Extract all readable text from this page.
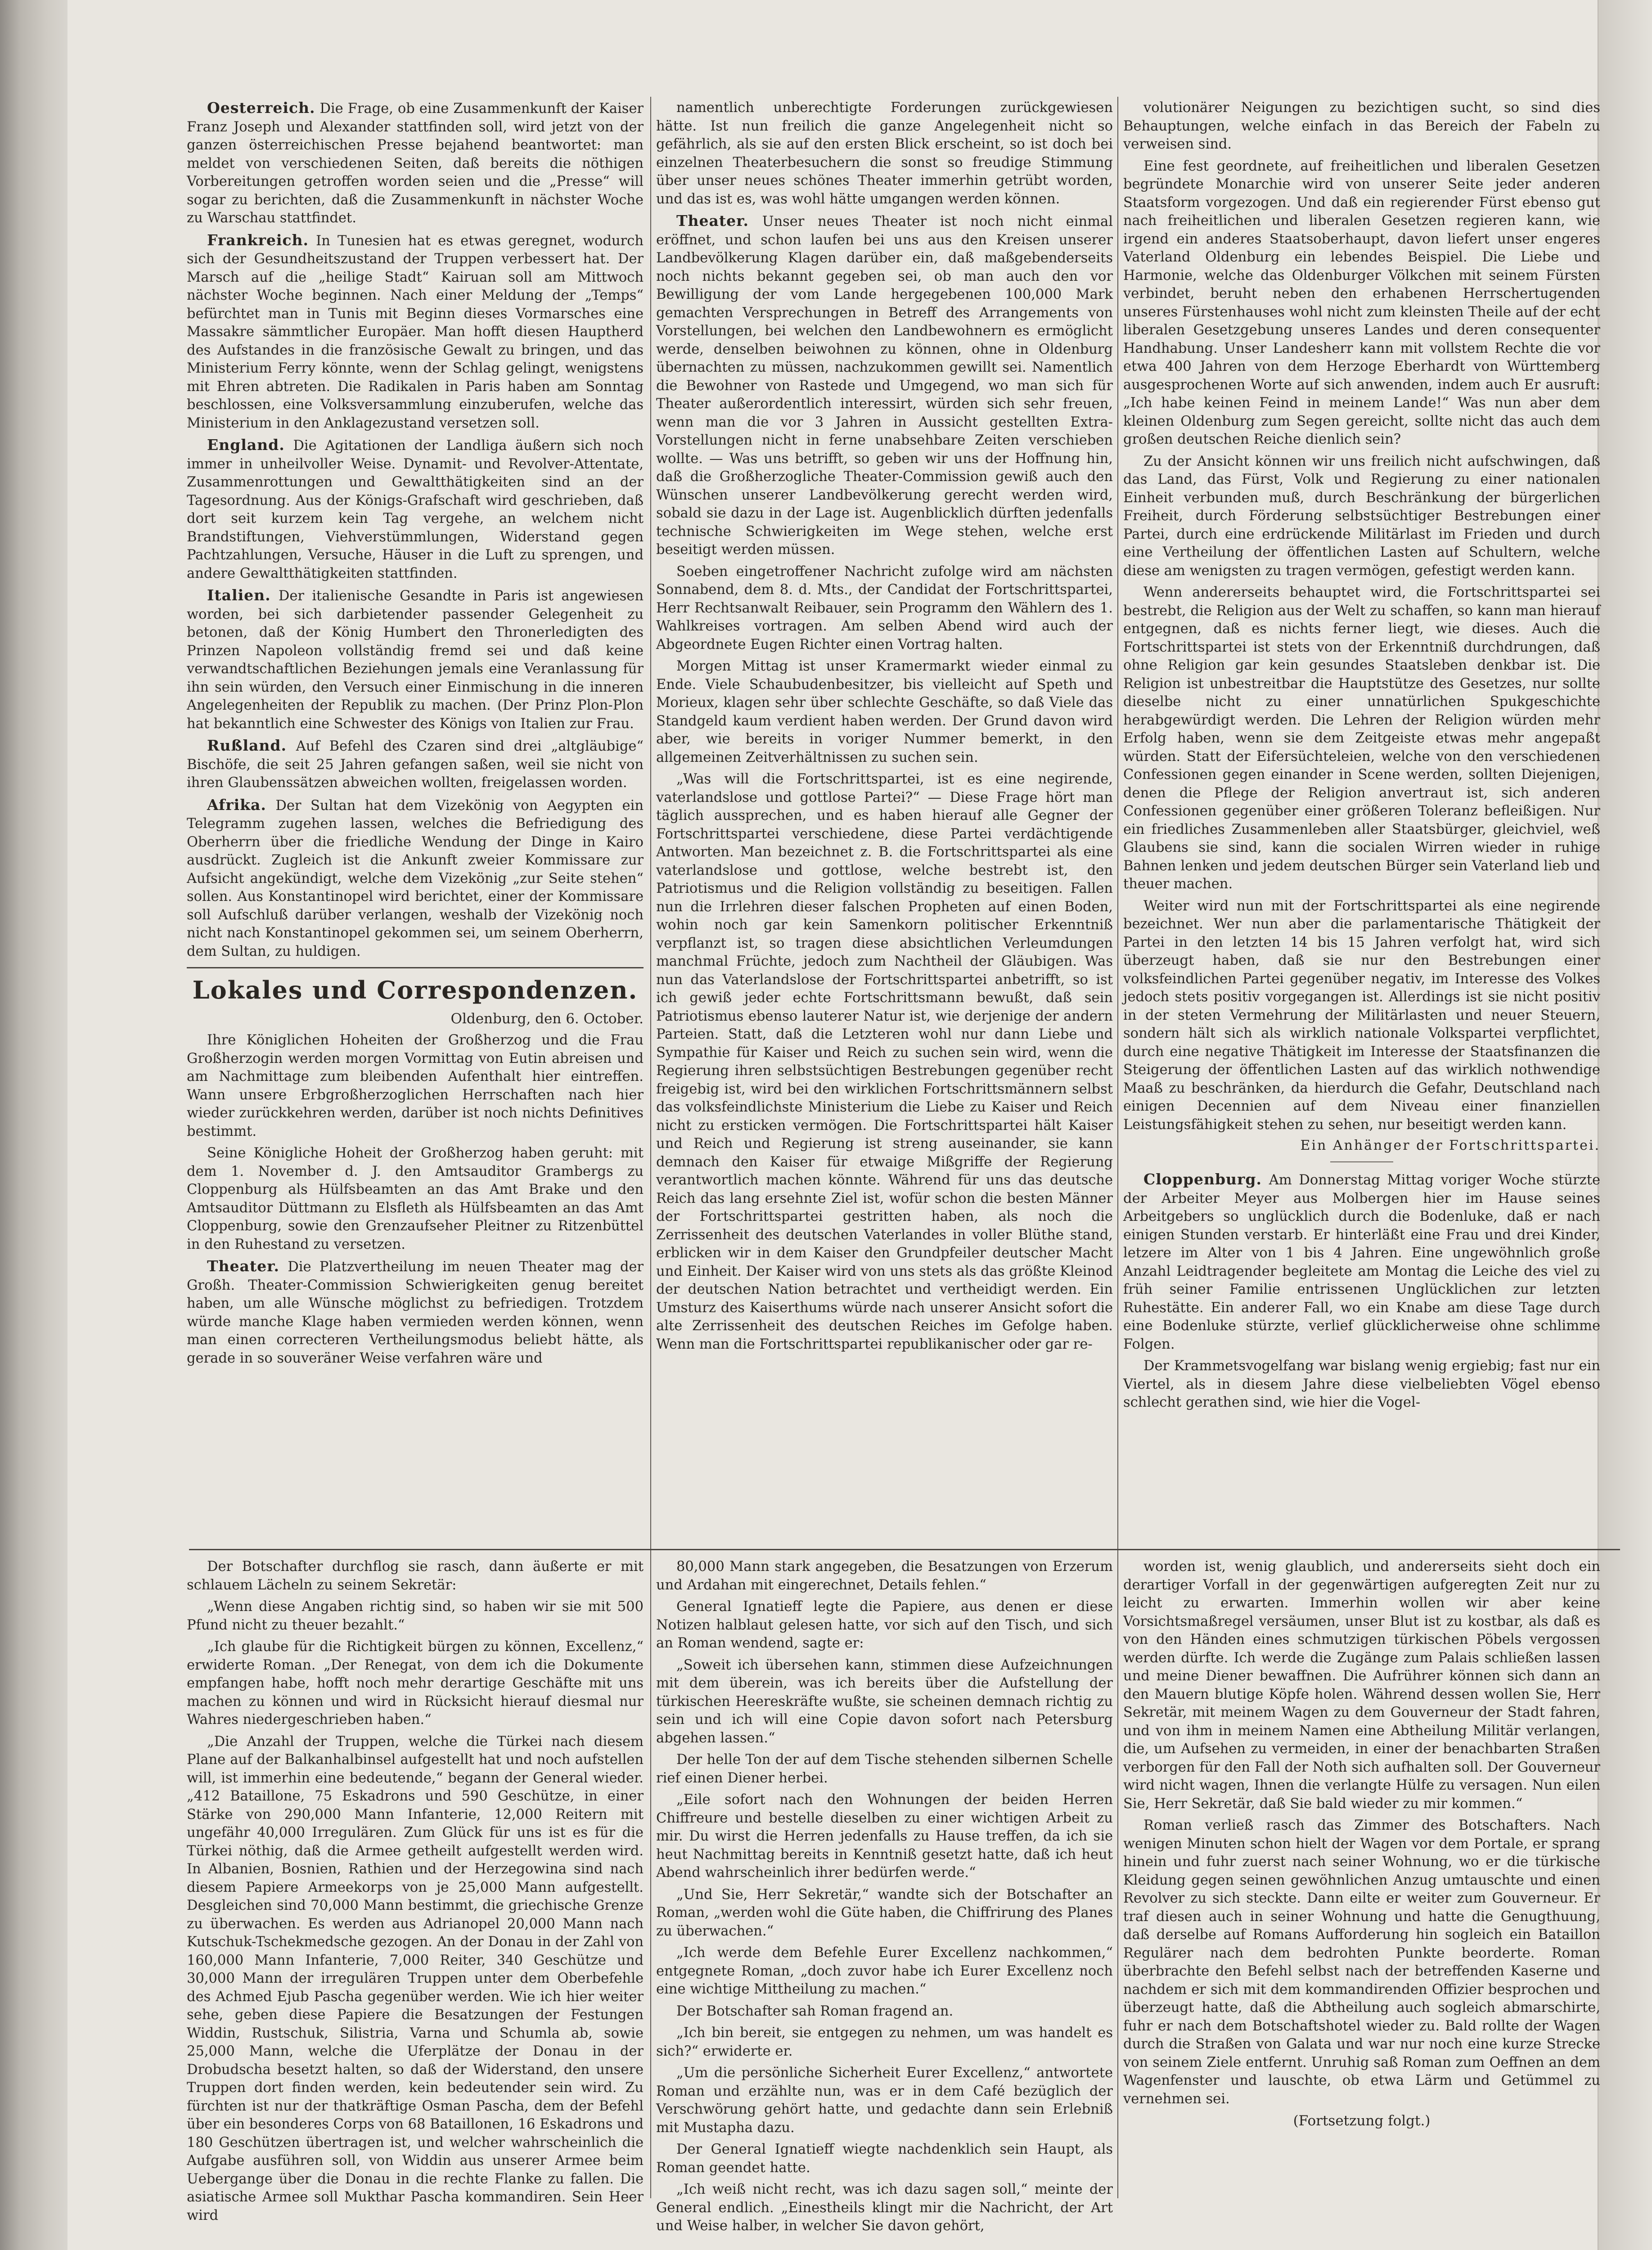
Oesterreich. Die Frage, ob eine Zusammenkunft der Kaiser Franz Joseph und Alexander stattfinden soll, wird jetzt von der ganzen österreichischen Presse bejahend beantwortet: man meldet von verschiedenen Seiten, daß bereits die nöthigen Vorbereitungen getroffen worden seien und die „Presse“ will sogar zu berichten, daß die Zusammenkunft in nächster Woche zu Warschau stattfindet.

Frankreich. In Tunesien hat es etwas geregnet, wodurch sich der Gesundheitszustand der Truppen verbessert hat. Der Marsch auf die „heilige Stadt“ Kairuan soll am Mittwoch nächster Woche beginnen. Nach einer Meldung der „Temps“ befürchtet man in Tunis mit Beginn dieses Vormarsches eine Massakre sämmtlicher Europäer. Man hofft diesen Hauptherd des Aufstandes in die französische Gewalt zu bringen, und das Ministerium Ferry könnte, wenn der Schlag gelingt, wenigstens mit Ehren abtreten. Die Radikalen in Paris haben am Sonntag beschlossen, eine Volksversammlung einzuberufen, welche das Ministerium in den Anklagezustand versetzen soll.

England. Die Agitationen der Landliga äußern sich noch immer in unheilvoller Weise. Dynamit- und Revolver-Attentate, Zusammenrottungen und Gewaltthätigkeiten sind an der Tagesordnung. Aus der Königs-Grafschaft wird geschrieben, daß dort seit kurzem kein Tag vergehe, an welchem nicht Brandstiftungen, Viehverstümmlungen, Widerstand gegen Pachtzahlungen, Versuche, Häuser in die Luft zu sprengen, und andere Gewaltthätigkeiten stattfinden.

Italien. Der italienische Gesandte in Paris ist angewiesen worden, bei sich darbietender passender Gelegenheit zu betonen, daß der König Humbert den Thronerledigten des Prinzen Napoleon vollständig fremd sei und daß keine verwandtschaftlichen Beziehungen jemals eine Veranlassung für ihn sein würden, den Versuch einer Einmischung in die inneren Angelegenheiten der Republik zu machen. (Der Prinz Plon-Plon hat bekanntlich eine Schwester des Königs von Italien zur Frau.

Rußland. Auf Befehl des Czaren sind drei „altgläubige“ Bischöfe, die seit 25 Jahren gefangen saßen, weil sie nicht von ihren Glaubenssätzen abweichen wollten, freigelassen worden.

Afrika. Der Sultan hat dem Vizekönig von Aegypten ein Telegramm zugehen lassen, welches die Befriedigung des Oberherrn über die friedliche Wendung der Dinge in Kairo ausdrückt. Zugleich ist die Ankunft zweier Kommissare zur Aufsicht angekündigt, welche dem Vizekönig „zur Seite stehen“ sollen. Aus Konstantinopel wird berichtet, einer der Kommissare soll Aufschluß darüber verlangen, weshalb der Vizekönig noch nicht nach Konstantinopel gekommen sei, um seinem Oberherrn, dem Sultan, zu huldigen.

Lokales und Correspondenzen.
Oldenburg, den 6. October.

Ihre Königlichen Hoheiten der Großherzog und die Frau Großherzogin werden morgen Vormittag von Eutin abreisen und am Nachmittage zum bleibenden Aufenthalt hier eintreffen. Wann unsere Erbgroßherzoglichen Herrschaften nach hier wieder zurückkehren werden, darüber ist noch nichts Definitives bestimmt.

Seine Königliche Hoheit der Großherzog haben geruht: mit dem 1. November d. J. den Amtsauditor Grambergs zu Cloppenburg als Hülfsbeamten an das Amt Brake und den Amtsauditor Düttmann zu Elsfleth als Hülfsbeamten an das Amt Cloppenburg, sowie den Grenzaufseher Pleitner zu Ritzenbüttel in den Ruhestand zu versetzen.

Theater. Die Platzvertheilung im neuen Theater mag der Großh. Theater-Commission Schwierigkeiten genug bereitet haben, um alle Wünsche möglichst zu befriedigen. Trotzdem würde manche Klage haben vermieden werden können, wenn man einen correcteren Vertheilungsmodus beliebt hätte, als gerade in so souveräner Weise verfahren wäre und

namentlich unberechtigte Forderungen zurückgewiesen hätte. Ist nun freilich die ganze Angelegenheit nicht so gefährlich, als sie auf den ersten Blick erscheint, so ist doch bei einzelnen Theaterbesuchern die sonst so freudige Stimmung über unser neues schönes Theater immerhin getrübt worden, und das ist es, was wohl hätte umgangen werden können.

Theater. Unser neues Theater ist noch nicht einmal eröffnet, und schon laufen bei uns aus den Kreisen unserer Landbevölkerung Klagen darüber ein, daß maßgebenderseits noch nichts bekannt gegeben sei, ob man auch den vor Bewilligung der vom Lande hergegebenen 100,000 Mark gemachten Versprechungen in Betreff des Arrangements von Vorstellungen, bei welchen den Landbewohnern es ermöglicht werde, denselben beiwohnen zu können, ohne in Oldenburg übernachten zu müssen, nachzukommen gewillt sei. Namentlich die Bewohner von Rastede und Umgegend, wo man sich für Theater außerordentlich interessirt, würden sich sehr freuen, wenn man die vor 3 Jahren in Aussicht gestellten Extra-Vorstellungen nicht in ferne unabsehbare Zeiten verschieben wollte. — Was uns betrifft, so geben wir uns der Hoffnung hin, daß die Großherzogliche Theater-Commission gewiß auch den Wünschen unserer Landbevölkerung gerecht werden wird, sobald sie dazu in der Lage ist. Augenblicklich dürften jedenfalls technische Schwierigkeiten im Wege stehen, welche erst beseitigt werden müssen.

Soeben eingetroffener Nachricht zufolge wird am nächsten Sonnabend, dem 8. d. Mts., der Candidat der Fortschrittspartei, Herr Rechtsanwalt Reibauer, sein Programm den Wählern des 1. Wahlkreises vortragen. Am selben Abend wird auch der Abgeordnete Eugen Richter einen Vortrag halten.

Morgen Mittag ist unser Kramermarkt wieder einmal zu Ende. Viele Schaubudenbesitzer, bis vielleicht auf Speth und Morieux, klagen sehr über schlechte Geschäfte, so daß Viele das Standgeld kaum verdient haben werden. Der Grund davon wird aber, wie bereits in voriger Nummer bemerkt, in den allgemeinen Zeitverhältnissen zu suchen sein.

„Was will die Fortschrittspartei, ist es eine negirende, vaterlandslose und gottlose Partei?“ — Diese Frage hört man täglich aussprechen, und es haben hierauf alle Gegner der Fortschrittspartei verschiedene, diese Partei verdächtigende Antworten. Man bezeichnet z. B. die Fortschrittspartei als eine vaterlandslose und gottlose, welche bestrebt ist, den Patriotismus und die Religion vollständig zu beseitigen. Fallen nun die Irrlehren dieser falschen Propheten auf einen Boden, wohin noch gar kein Samenkorn politischer Erkenntniß verpflanzt ist, so tragen diese absichtlichen Verleumdungen manchmal Früchte, jedoch zum Nachtheil der Gläubigen. Was nun das Vaterlandslose der Fortschrittspartei anbetrifft, so ist ich gewiß jeder echte Fortschrittsmann bewußt, daß sein Patriotismus ebenso lauterer Natur ist, wie derjenige der andern Parteien. Statt, daß die Letzteren wohl nur dann Liebe und Sympathie für Kaiser und Reich zu suchen sein wird, wenn die Regierung ihren selbstsüchtigen Bestrebungen gegenüber recht freigebig ist, wird bei den wirklichen Fortschrittsmännern selbst das volksfeindlichste Ministerium die Liebe zu Kaiser und Reich nicht zu ersticken vermögen. Die Fortschrittspartei hält Kaiser und Reich und Regierung ist streng auseinander, sie kann demnach den Kaiser für etwaige Mißgriffe der Regierung verantwortlich machen könnte. Während für uns das deutsche Reich das lang ersehnte Ziel ist, wofür schon die besten Männer der Fortschrittspartei gestritten haben, als noch die Zerrissenheit des deutschen Vaterlandes in voller Blüthe stand, erblicken wir in dem Kaiser den Grundpfeiler deutscher Macht und Einheit. Der Kaiser wird von uns stets als das größte Kleinod der deutschen Nation betrachtet und vertheidigt werden. Ein Umsturz des Kaiserthums würde nach unserer Ansicht sofort die alte Zerrissenheit des deutschen Reiches im Gefolge haben. Wenn man die Fortschrittspartei republikanischer oder gar re-

volutionärer Neigungen zu bezichtigen sucht, so sind dies Behauptungen, welche einfach in das Bereich der Fabeln zu verweisen sind.

Eine fest geordnete, auf freiheitlichen und liberalen Gesetzen begründete Monarchie wird von unserer Seite jeder anderen Staatsform vorgezogen. Und daß ein regierender Fürst ebenso gut nach freiheitlichen und liberalen Gesetzen regieren kann, wie irgend ein anderes Staatsoberhaupt, davon liefert unser engeres Vaterland Oldenburg ein lebendes Beispiel. Die Liebe und Harmonie, welche das Oldenburger Völkchen mit seinem Fürsten verbindet, beruht neben den erhabenen Herrschertugenden unseres Fürstenhauses wohl nicht zum kleinsten Theile auf der echt liberalen Gesetzgebung unseres Landes und deren consequenter Handhabung. Unser Landesherr kann mit vollstem Rechte die vor etwa 400 Jahren von dem Herzoge Eberhardt von Württemberg ausgesprochenen Worte auf sich anwenden, indem auch Er ausruft: „Ich habe keinen Feind in meinem Lande!“ Was nun aber dem kleinen Oldenburg zum Segen gereicht, sollte nicht das auch dem großen deutschen Reiche dienlich sein?

Zu der Ansicht können wir uns freilich nicht aufschwingen, daß das Land, das Fürst, Volk und Regierung zu einer nationalen Einheit verbunden muß, durch Beschränkung der bürgerlichen Freiheit, durch Förderung selbstsüchtiger Bestrebungen einer Partei, durch eine erdrückende Militärlast im Frieden und durch eine Vertheilung der öffentlichen Lasten auf Schultern, welche diese am wenigsten zu tragen vermögen, gefestigt werden kann.

Wenn andererseits behauptet wird, die Fortschrittspartei sei bestrebt, die Religion aus der Welt zu schaffen, so kann man hierauf entgegnen, daß es nichts ferner liegt, wie dieses. Auch die Fortschrittspartei ist stets von der Erkenntniß durchdrungen, daß ohne Religion gar kein gesundes Staatsleben denkbar ist. Die Religion ist unbestreitbar die Hauptstütze des Gesetzes, nur sollte dieselbe nicht zu einer unnatürlichen Spukgeschichte herabgewürdigt werden. Die Lehren der Religion würden mehr Erfolg haben, wenn sie dem Zeitgeiste etwas mehr angepaßt würden. Statt der Eifersüchteleien, welche von den verschiedenen Confessionen gegen einander in Scene werden, sollten Diejenigen, denen die Pflege der Religion anvertraut ist, sich anderen Confessionen gegenüber einer größeren Toleranz befleißigen. Nur ein friedliches Zusammenleben aller Staatsbürger, gleichviel, weß Glaubens sie sind, kann die socialen Wirren wieder in ruhige Bahnen lenken und jedem deutschen Bürger sein Vaterland lieb und theuer machen.

Weiter wird nun mit der Fortschrittspartei als eine negirende bezeichnet. Wer nun aber die parlamentarische Thätigkeit der Partei in den letzten 14 bis 15 Jahren verfolgt hat, wird sich überzeugt haben, daß sie nur den Bestrebungen einer volksfeindlichen Partei gegenüber negativ, im Interesse des Volkes jedoch stets positiv vorgegangen ist. Allerdings ist sie nicht positiv in der steten Vermehrung der Militärlasten und neuer Steuern, sondern hält sich als wirklich nationale Volkspartei verpflichtet, durch eine negative Thätigkeit im Interesse der Staatsfinanzen die Steigerung der öffentlichen Lasten auf das wirklich nothwendige Maaß zu beschränken, da hierdurch die Gefahr, Deutschland nach einigen Decennien auf dem Niveau einer finanziellen Leistungsfähigkeit stehen zu sehen, nur beseitigt werden kann.

Ein Anhänger der Fortschrittspartei.

Cloppenburg. Am Donnerstag Mittag voriger Woche stürzte der Arbeiter Meyer aus Molbergen hier im Hause seines Arbeitgebers so unglücklich durch die Bodenluke, daß er nach einigen Stunden verstarb. Er hinterläßt eine Frau und drei Kinder, letzere im Alter von 1 bis 4 Jahren. Eine ungewöhnlich große Anzahl Leidtragender begleitete am Montag die Leiche des viel zu früh seiner Familie entrissenen Unglücklichen zur letzten Ruhestätte. Ein anderer Fall, wo ein Knabe am diese Tage durch eine Bodenluke stürzte, verlief glücklicherweise ohne schlimme Folgen.

Der Krammetsvogelfang war bislang wenig ergiebig; fast nur ein Viertel, als in diesem Jahre diese vielbeliebten Vögel ebenso schlecht gerathen sind, wie hier die Vogel-

Der Botschafter durchflog sie rasch, dann äußerte er mit schlauem Lächeln zu seinem Sekretär:

„Wenn diese Angaben richtig sind, so haben wir sie mit 500 Pfund nicht zu theuer bezahlt.“

„Ich glaube für die Richtigkeit bürgen zu können, Excellenz,“ erwiderte Roman. „Der Renegat, von dem ich die Dokumente empfangen habe, hofft noch mehr derartige Geschäfte mit uns machen zu können und wird in Rücksicht hierauf diesmal nur Wahres niedergeschrieben haben.“

„Die Anzahl der Truppen, welche die Türkei nach diesem Plane auf der Balkanhalbinsel aufgestellt hat und noch aufstellen will, ist immerhin eine bedeutende,“ begann der General wieder. „412 Bataillone, 75 Eskadrons und 590 Geschütze, in einer Stärke von 290,000 Mann Infanterie, 12,000 Reitern mit ungefähr 40,000 Irregulären. Zum Glück für uns ist es für die Türkei nöthig, daß die Armee getheilt aufgestellt werden wird. In Albanien, Bosnien, Rathien und der Herzegowina sind nach diesem Papiere Armeekorps von je 25,000 Mann aufgestellt. Desgleichen sind 70,000 Mann bestimmt, die griechische Grenze zu überwachen. Es werden aus Adrianopel 20,000 Mann nach Kutschuk-Tschekmedsche gezogen. An der Donau in der Zahl von 160,000 Mann Infanterie, 7,000 Reiter, 340 Geschütze und 30,000 Mann der irregulären Truppen unter dem Oberbefehle des Achmed Ejub Pascha gegenüber werden. Wie ich hier weiter sehe, geben diese Papiere die Besatzungen der Festungen Widdin, Rustschuk, Silistria, Varna und Schumla ab, sowie 25,000 Mann, welche die Uferplätze der Donau in der Drobudscha besetzt halten, so daß der Widerstand, den unsere Truppen dort finden werden, kein bedeutender sein wird. Zu fürchten ist nur der thatkräftige Osman Pascha, dem der Befehl über ein besonderes Corps von 68 Bataillonen, 16 Eskadrons und 180 Geschützen übertragen ist, und welcher wahrscheinlich die Aufgabe ausführen soll, von Widdin aus unserer Armee beim Uebergange über die Donau in die rechte Flanke zu fallen. Die asiatische Armee soll Mukthar Pascha kommandiren. Sein Heer wird

80,000 Mann stark angegeben, die Besatzungen von Erzerum und Ardahan mit eingerechnet, Details fehlen.“

General Ignatieff legte die Papiere, aus denen er diese Notizen halblaut gelesen hatte, vor sich auf den Tisch, und sich an Roman wendend, sagte er:

„Soweit ich übersehen kann, stimmen diese Aufzeichnungen mit dem überein, was ich bereits über die Aufstellung der türkischen Heereskräfte wußte, sie scheinen demnach richtig zu sein und ich will eine Copie davon sofort nach Petersburg abgehen lassen.“

Der helle Ton der auf dem Tische stehenden silbernen Schelle rief einen Diener herbei.

„Eile sofort nach den Wohnungen der beiden Herren Chiffreure und bestelle dieselben zu einer wichtigen Arbeit zu mir. Du wirst die Herren jedenfalls zu Hause treffen, da ich sie heut Nachmittag bereits in Kenntniß gesetzt hatte, daß ich heut Abend wahrscheinlich ihrer bedürfen werde.“

„Und Sie, Herr Sekretär,“ wandte sich der Botschafter an Roman, „werden wohl die Güte haben, die Chiffrirung des Planes zu überwachen.“

„Ich werde dem Befehle Eurer Excellenz nachkommen,“ entgegnete Roman, „doch zuvor habe ich Eurer Excellenz noch eine wichtige Mittheilung zu machen.“

Der Botschafter sah Roman fragend an.

„Ich bin bereit, sie entgegen zu nehmen, um was handelt es sich?“ erwiderte er.

„Um die persönliche Sicherheit Eurer Excellenz,“ antwortete Roman und erzählte nun, was er in dem Café bezüglich der Verschwörung gehört hatte, und gedachte dann sein Erlebniß mit Mustapha dazu.

Der General Ignatieff wiegte nachdenklich sein Haupt, als Roman geendet hatte.

„Ich weiß nicht recht, was ich dazu sagen soll,“ meinte der General endlich. „Einestheils klingt mir die Nachricht, der Art und Weise halber, in welcher Sie davon gehört,

worden ist, wenig glaublich, und andererseits sieht doch ein derartiger Vorfall in der gegenwärtigen aufgeregten Zeit nur zu leicht zu erwarten. Immerhin wollen wir aber keine Vorsichtsmaßregel versäumen, unser Blut ist zu kostbar, als daß es von den Händen eines schmutzigen türkischen Pöbels vergossen werden dürfte. Ich werde die Zugänge zum Palais schließen lassen und meine Diener bewaffnen. Die Aufrührer können sich dann an den Mauern blutige Köpfe holen. Während dessen wollen Sie, Herr Sekretär, mit meinem Wagen zu dem Gouverneur der Stadt fahren, und von ihm in meinem Namen eine Abtheilung Militär verlangen, die, um Aufsehen zu vermeiden, in einer der benachbarten Straßen verborgen für den Fall der Noth sich aufhalten soll. Der Gouverneur wird nicht wagen, Ihnen die verlangte Hülfe zu versagen. Nun eilen Sie, Herr Sekretär, daß Sie bald wieder zu mir kommen.“

Roman verließ rasch das Zimmer des Botschafters. Nach wenigen Minuten schon hielt der Wagen vor dem Portale, er sprang hinein und fuhr zuerst nach seiner Wohnung, wo er die türkische Kleidung gegen seinen gewöhnlichen Anzug umtauschte und einen Revolver zu sich steckte. Dann eilte er weiter zum Gouverneur. Er traf diesen auch in seiner Wohnung und hatte die Genugthuung, daß derselbe auf Romans Aufforderung hin sogleich ein Bataillon Regulärer nach dem bedrohten Punkte beorderte. Roman überbrachte den Befehl selbst nach der betreffenden Kaserne und nachdem er sich mit dem kommandirenden Offizier besprochen und überzeugt hatte, daß die Abtheilung auch sogleich abmarschirte, fuhr er nach dem Botschaftshotel wieder zu. Bald rollte der Wagen durch die Straßen von Galata und war nur noch eine kurze Strecke von seinem Ziele entfernt. Unruhig saß Roman zum Oeffnen an dem Wagenfenster und lauschte, ob etwa Lärm und Getümmel zu vernehmen sei.

(Fortsetzung folgt.)
